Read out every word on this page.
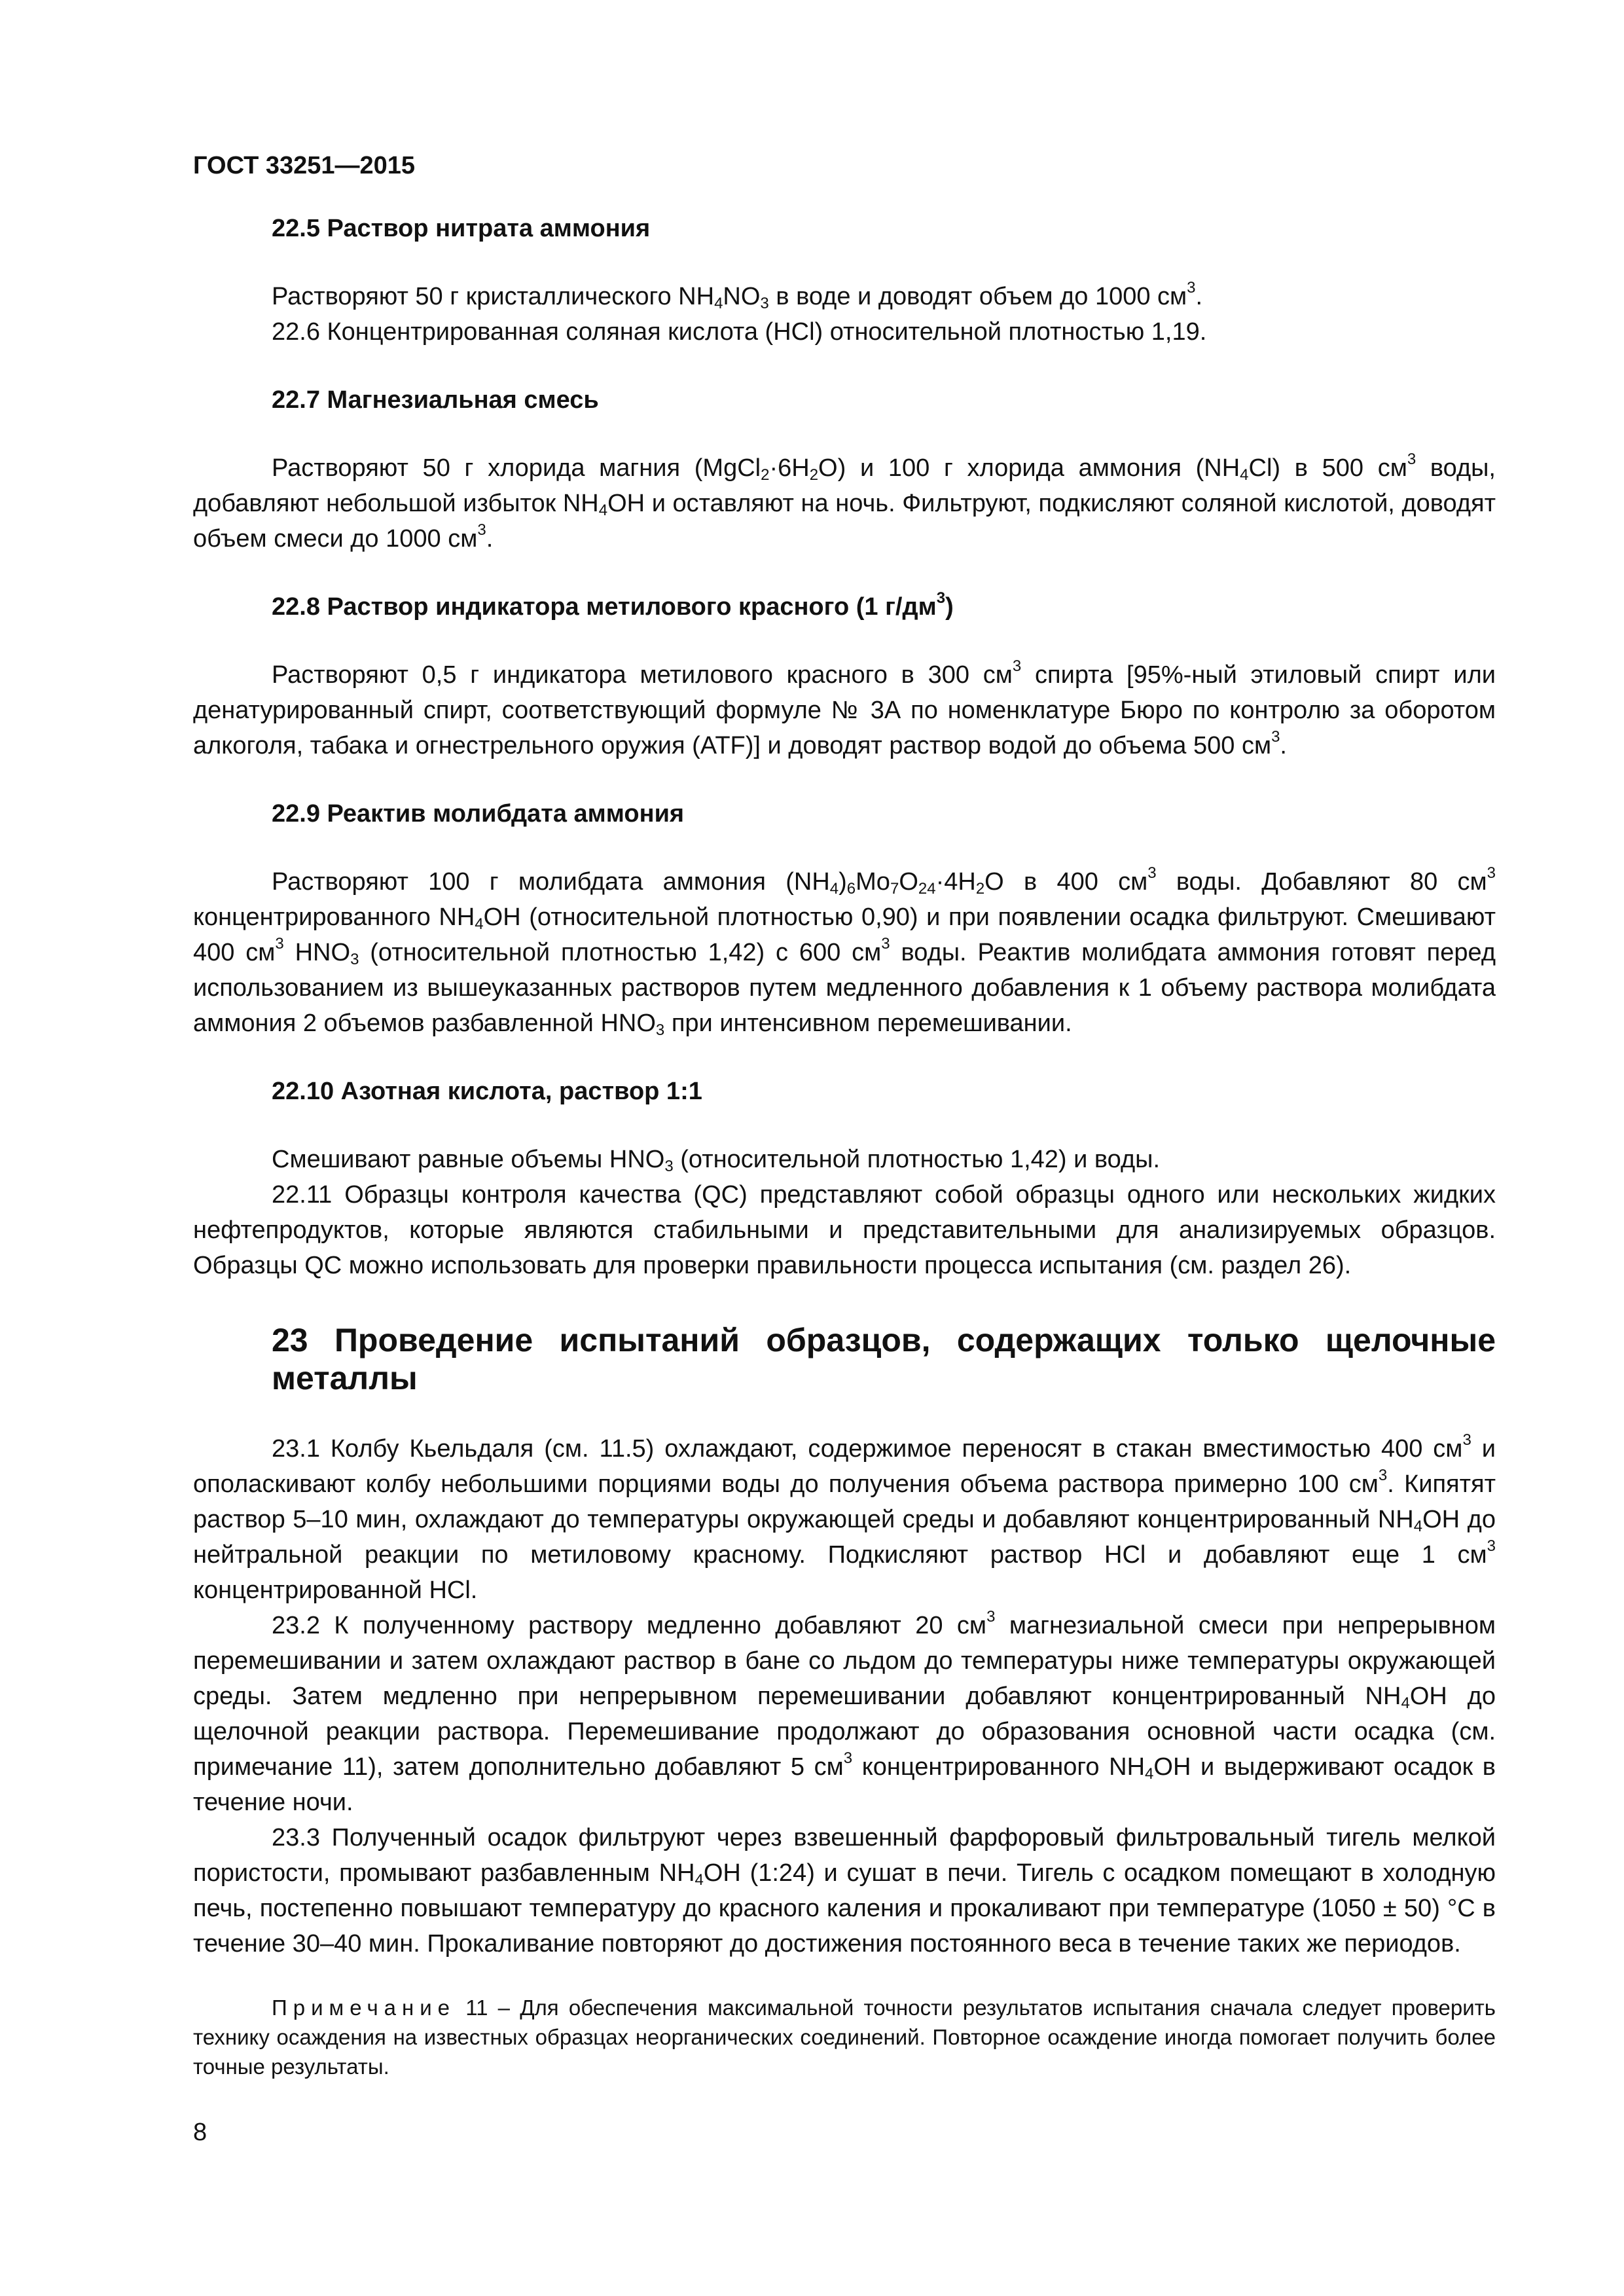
ГОСТ 33251—2015

22.5 Раствор нитрата аммония

Растворяют 50 г кристаллического $NH_4NO_3$ в воде и доводят объем до 1000 $см^3$.

22.6 Концентрированная соляная кислота (HCl) относительной плотностью 1,19.

22.7 Магнезиальная смесь

Растворяют 50 г хлорида магния $(MgCl_2\cdot 6H_2O)$ и 100 г хлорида аммония $(NH_4Cl)$ в 500 $см^3$ воды, добавляют небольшой избыток $NH_4OH$ и оставляют на ночь. Фильтруют, подкисляют соляной кислотой, доводят объем смеси до 1000 $см^3$.

22.8 Раствор индикатора метилового красного (1 $г/дм^3$)

Растворяют 0,5 г индикатора метилового красного в 300 $см^3$ спирта [95%-ный этиловый спирт или денатурированный спирт, соответствующий формуле № 3А по номенклатуре Бюро по контролю за оборотом алкоголя, табака и огнестрельного оружия (ATF)] и доводят раствор водой до объема 500 $см^3$.

22.9 Реактив молибдата аммония

Растворяют 100 г молибдата аммония $(NH_4)_6Mo_7O_{24}\cdot 4H_2O$ в 400 $см^3$ воды. Добавляют 80 $см^3$ концентрированного $NH_4OH$ (относительной плотностью 0,90) и при появлении осадка фильтруют. Смешивают 400 $см^3$ $HNO_3$ (относительной плотностью 1,42) с 600 $см^3$ воды. Реактив молибдата аммония готовят перед использованием из вышеуказанных растворов путем медленного добавления к 1 объему раствора молибдата аммония 2 объемов разбавленной $HNO_3$ при интенсивном перемешивании.

22.10 Азотная кислота, раствор 1:1

Смешивают равные объемы $HNO_3$ (относительной плотностью 1,42) и воды.

22.11 Образцы контроля качества (QC) представляют собой образцы одного или нескольких жидких нефтепродуктов, которые являются стабильными и представительными для анализируемых образцов. Образцы QC можно использовать для проверки правильности процесса испытания (см. раздел 26).

23 Проведение испытаний образцов, содержащих только щелочные металлы

23.1 Колбу Кьельдаля (см. 11.5) охлаждают, содержимое переносят в стакан вместимостью 400 $см^3$ и ополаскивают колбу небольшими порциями воды до получения объема раствора примерно 100 $см^3$. Кипятят раствор 5–10 мин, охлаждают до температуры окружающей среды и добавляют концентрированный $NH_4OH$ до нейтральной реакции по метиловому красному. Подкисляют раствор HCl и добавляют еще 1 $см^3$ концентрированной HCl.

23.2 К полученному раствору медленно добавляют 20 $см^3$ магнезиальной смеси при непрерывном перемешивании и затем охлаждают раствор в бане со льдом до температуры ниже температуры окружающей среды. Затем медленно при непрерывном перемешивании добавляют концентрированный $NH_4OH$ до щелочной реакции раствора. Перемешивание продолжают до образования основной части осадка (см. примечание 11), затем дополнительно добавляют 5 $см^3$ концентрированного $NH_4OH$ и выдерживают осадок в течение ночи.

23.3 Полученный осадок фильтруют через взвешенный фарфоровый фильтровальный тигель мелкой пористости, промывают разбавленным $NH_4OH$ (1:24) и сушат в печи. Тигель с осадком помещают в холодную печь, постепенно повышают температуру до красного каления и прокаливают при температуре (1050 ± 50) °С в течение 30–40 мин. Прокаливание повторяют до достижения постоянного веса в течение таких же периодов.

Примечание 11 – Для обеспечения максимальной точности результатов испытания сначала следует проверить технику осаждения на известных образцах неорганических соединений. Повторное осаждение иногда помогает получить более точные результаты.

8
